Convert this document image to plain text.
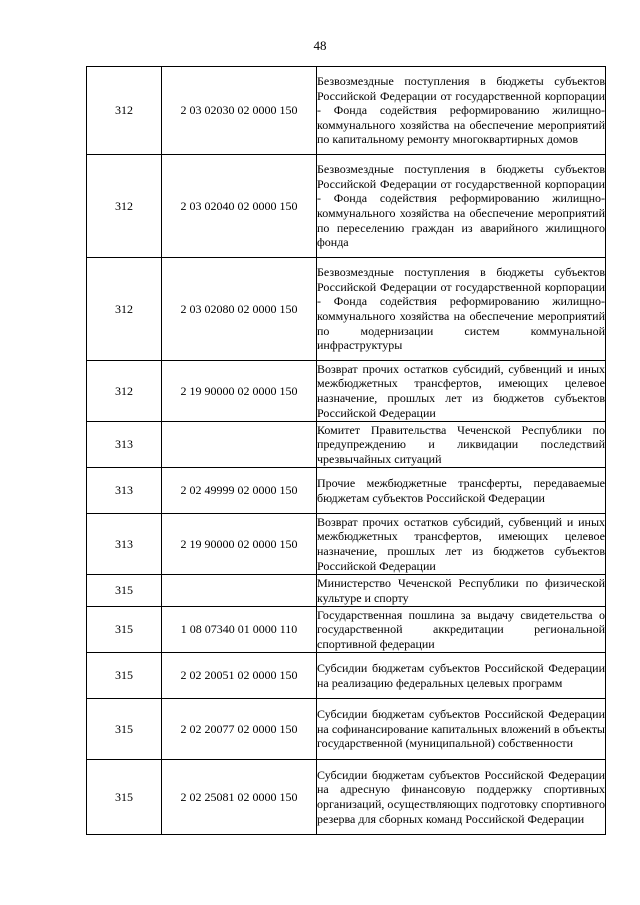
48
312	2 03 02030 02 0000 150	Безвозмездные поступления в бюджеты субъектов Российской Федерации от государственной корпорации - Фонда содействия реформированию жилищно-коммунального хозяйства на обеспечение мероприятий по капитальному ремонту многоквартирных домов
312	2 03 02040 02 0000 150	Безвозмездные поступления в бюджеты субъектов Российской Федерации от государственной корпорации - Фонда содействия реформированию жилищно-коммунального хозяйства на обеспечение мероприятий по переселению граждан из аварийного жилищного фонда
312	2 03 02080 02 0000 150	Безвозмездные поступления в бюджеты субъектов Российской Федерации от государственной корпорации - Фонда содействия реформированию жилищно-коммунального хозяйства на обеспечение мероприятий по модернизации систем коммунальной инфраструктуры
312	2 19 90000 02 0000 150	Возврат прочих остатков субсидий, субвенций и иных межбюджетных трансфертов, имеющих целевое назначение, прошлых лет из бюджетов субъектов Российской Федерации
313		Комитет Правительства Чеченской Республики по предупреждению и ликвидации последствий чрезвычайных ситуаций
313	2 02 49999 02 0000 150	Прочие межбюджетные трансферты, передаваемые бюджетам субъектов Российской Федерации
313	2 19 90000 02 0000 150	Возврат прочих остатков субсидий, субвенций и иных межбюджетных трансфертов, имеющих целевое назначение, прошлых лет из бюджетов субъектов Российской Федерации
315		Министерство Чеченской Республики по физической культуре и спорту
315	1 08 07340 01 0000 110	Государственная пошлина за выдачу свидетельства о государственной аккредитации региональной спортивной федерации
315	2 02 20051 02 0000 150	Субсидии бюджетам субъектов Российской Федерации на реализацию федеральных целевых программ
315	2 02 20077 02 0000 150	Субсидии бюджетам субъектов Российской Федерации на софинансирование капитальных вложений в объекты государственной (муниципальной) собственности
315	2 02 25081 02 0000 150	Субсидии бюджетам субъектов Российской Федерации на адресную финансовую поддержку спортивных организаций, осуществляющих подготовку спортивного резерва для сборных команд Российской Федерации
